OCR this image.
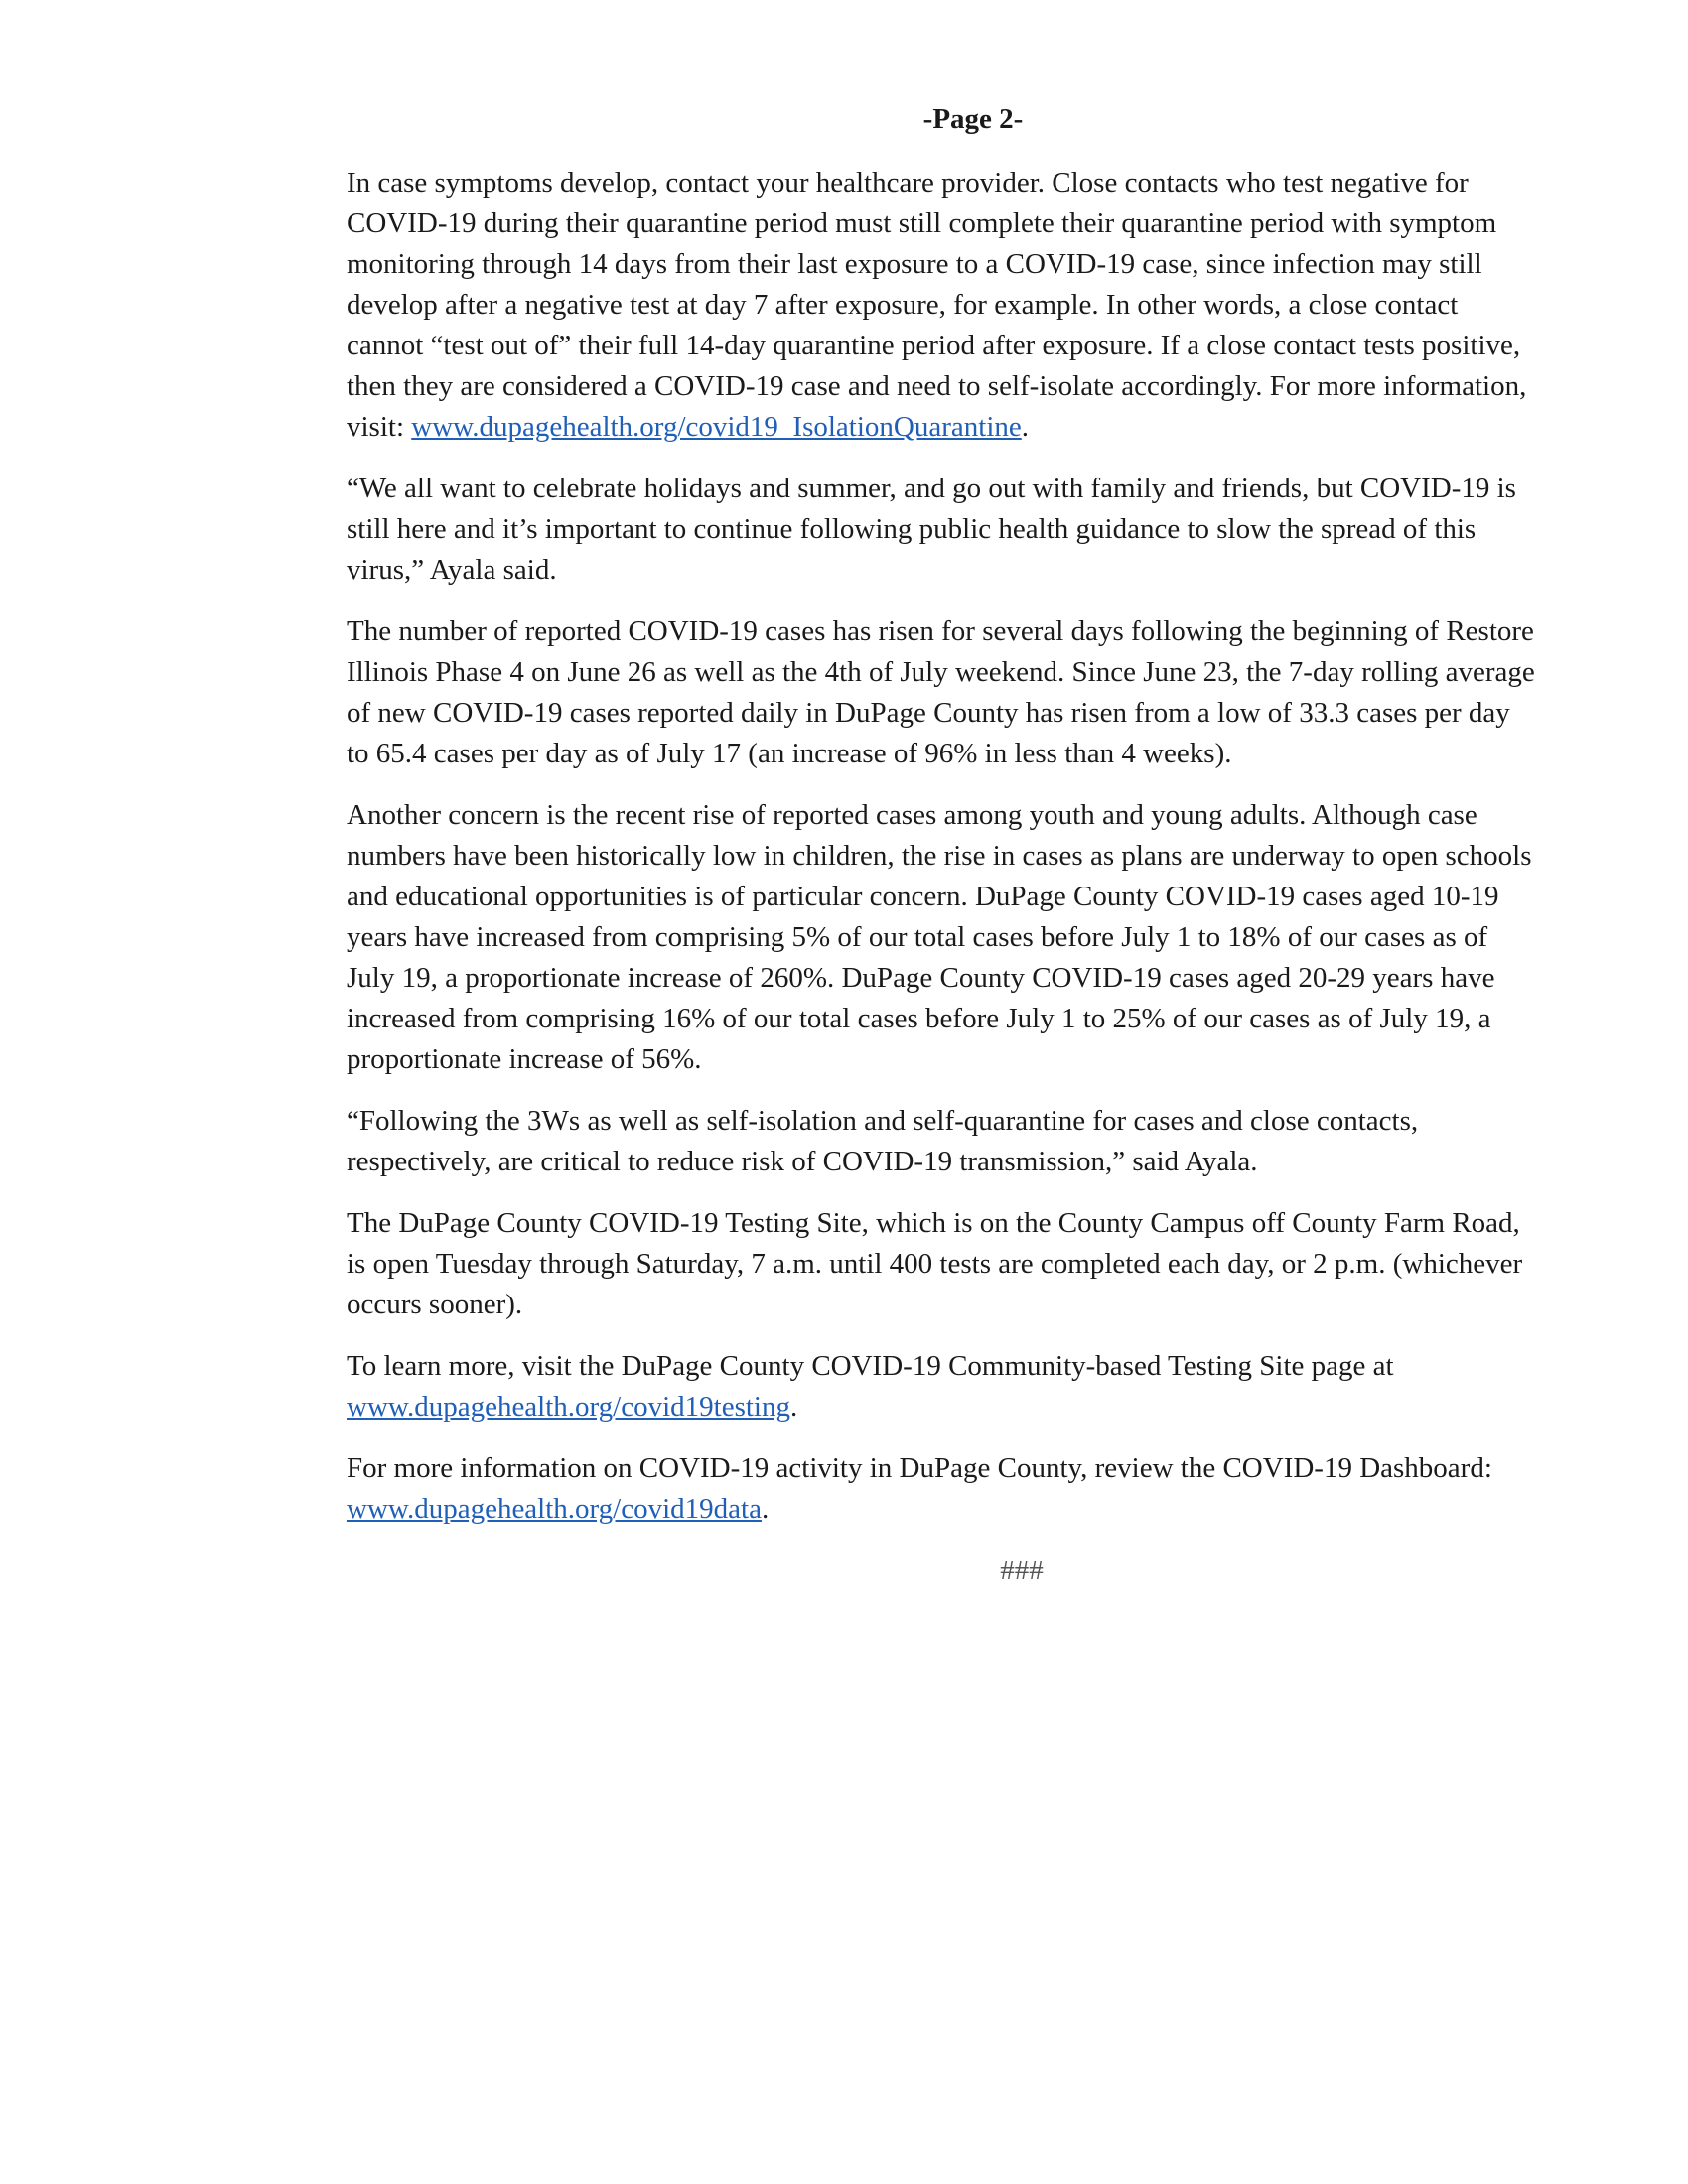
-Page 2-

In case symptoms develop, contact your healthcare provider. Close contacts who test negative for COVID-19 during their quarantine period must still complete their quarantine period with symptom monitoring through 14 days from their last exposure to a COVID-19 case, since infection may still develop after a negative test at day 7 after exposure, for example. In other words, a close contact cannot “test out of” their full 14-day quarantine period after exposure. If a close contact tests positive, then they are considered a COVID-19 case and need to self-isolate accordingly. For more information, visit: www.dupagehealth.org/covid19_IsolationQuarantine.

“We all want to celebrate holidays and summer, and go out with family and friends, but COVID-19 is still here and it’s important to continue following public health guidance to slow the spread of this virus,” Ayala said.

The number of reported COVID-19 cases has risen for several days following the beginning of Restore Illinois Phase 4 on June 26 as well as the 4th of July weekend. Since June 23, the 7-day rolling average of new COVID-19 cases reported daily in DuPage County has risen from a low of 33.3 cases per day to 65.4 cases per day as of July 17 (an increase of 96% in less than 4 weeks).

Another concern is the recent rise of reported cases among youth and young adults. Although case numbers have been historically low in children, the rise in cases as plans are underway to open schools and educational opportunities is of particular concern. DuPage County COVID-19 cases aged 10-19 years have increased from comprising 5% of our total cases before July 1 to 18% of our cases as of July 19, a proportionate increase of 260%. DuPage County COVID-19 cases aged 20-29 years have increased from comprising 16% of our total cases before July 1 to 25% of our cases as of July 19, a proportionate increase of 56%.

“Following the 3Ws as well as self-isolation and self-quarantine for cases and close contacts, respectively, are critical to reduce risk of COVID-19 transmission,” said Ayala.

The DuPage County COVID-19 Testing Site, which is on the County Campus off County Farm Road, is open Tuesday through Saturday, 7 a.m. until 400 tests are completed each day, or 2 p.m. (whichever occurs sooner).

To learn more, visit the DuPage County COVID-19 Community-based Testing Site page at www.dupagehealth.org/covid19testing.

For more information on COVID-19 activity in DuPage County, review the COVID-19 Dashboard: www.dupagehealth.org/covid19data.

###
